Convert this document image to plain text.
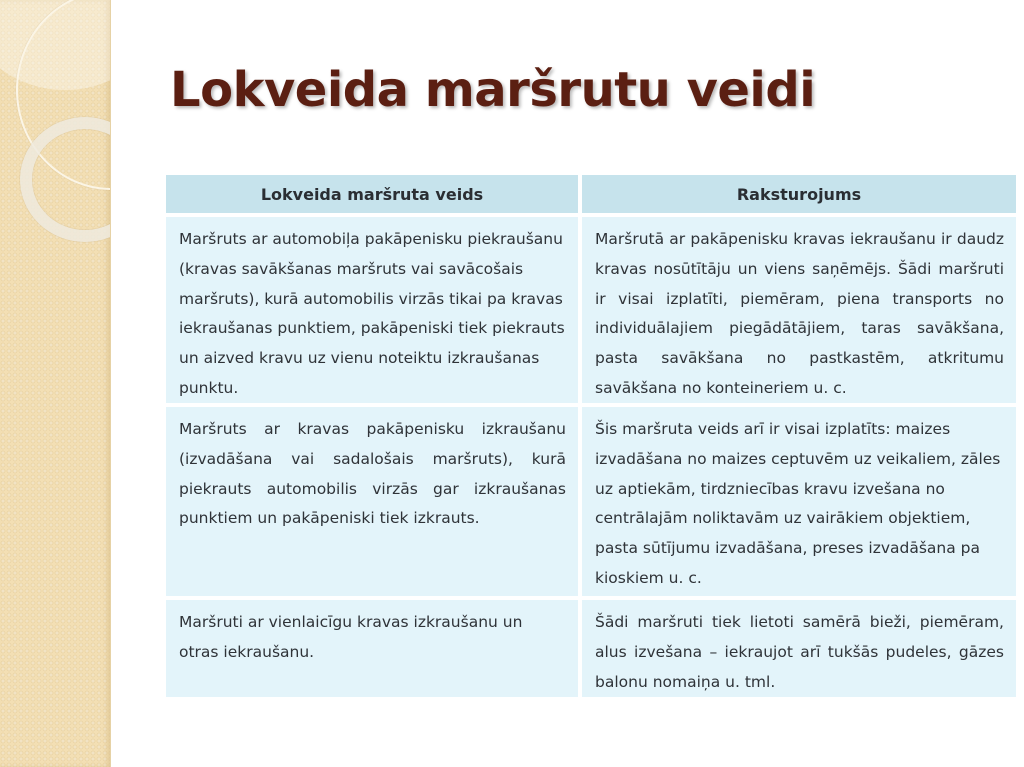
Lokveida maršrutu veidi
Lokveida maršruta veids	Raksturojums
Maršruts ar automobiļa pakāpenisku piekraušanu (kravas savākšanas maršruts vai savācošais maršruts), kurā automobilis virzās tikai pa kravas iekraušanas punktiem, pakāpeniski tiek piekrauts un aizved kravu uz vienu noteiktu izkraušanas punktu.
Maršrutā ar pakāpenisku kravas iekraušanu ir daudz kravas nosūtītāju un viens saņēmējs. Šādi maršruti ir visai izplatīti, piemēram, piena transports no individuālajiem piegādātājiem, taras savākšana, pasta savākšana no pastkastēm, atkritumu savākšana no konteineriem u. c.
Maršruts ar kravas pakāpenisku izkraušanu (izvadāšana vai sadalošais maršruts), kurā piekrauts automobilis virzās gar izkraušanas punktiem un pakāpeniski tiek izkrauts.
Šis maršruta veids arī ir visai izplatīts: maizes izvadāšana no maizes ceptuvēm uz veikaliem, zāles uz aptiekām, tirdzniecības kravu izvešana no centrālajām noliktavām uz vairākiem objektiem, pasta sūtījumu izvadāšana, preses izvadāšana pa kioskiem u. c.
Maršruti ar vienlaicīgu kravas izkraušanu un otras iekraušanu.
Šādi maršruti tiek lietoti samērā bieži, piemēram, alus izvešana – iekraujot arī tukšās pudeles, gāzes balonu nomaiņa u. tml.
